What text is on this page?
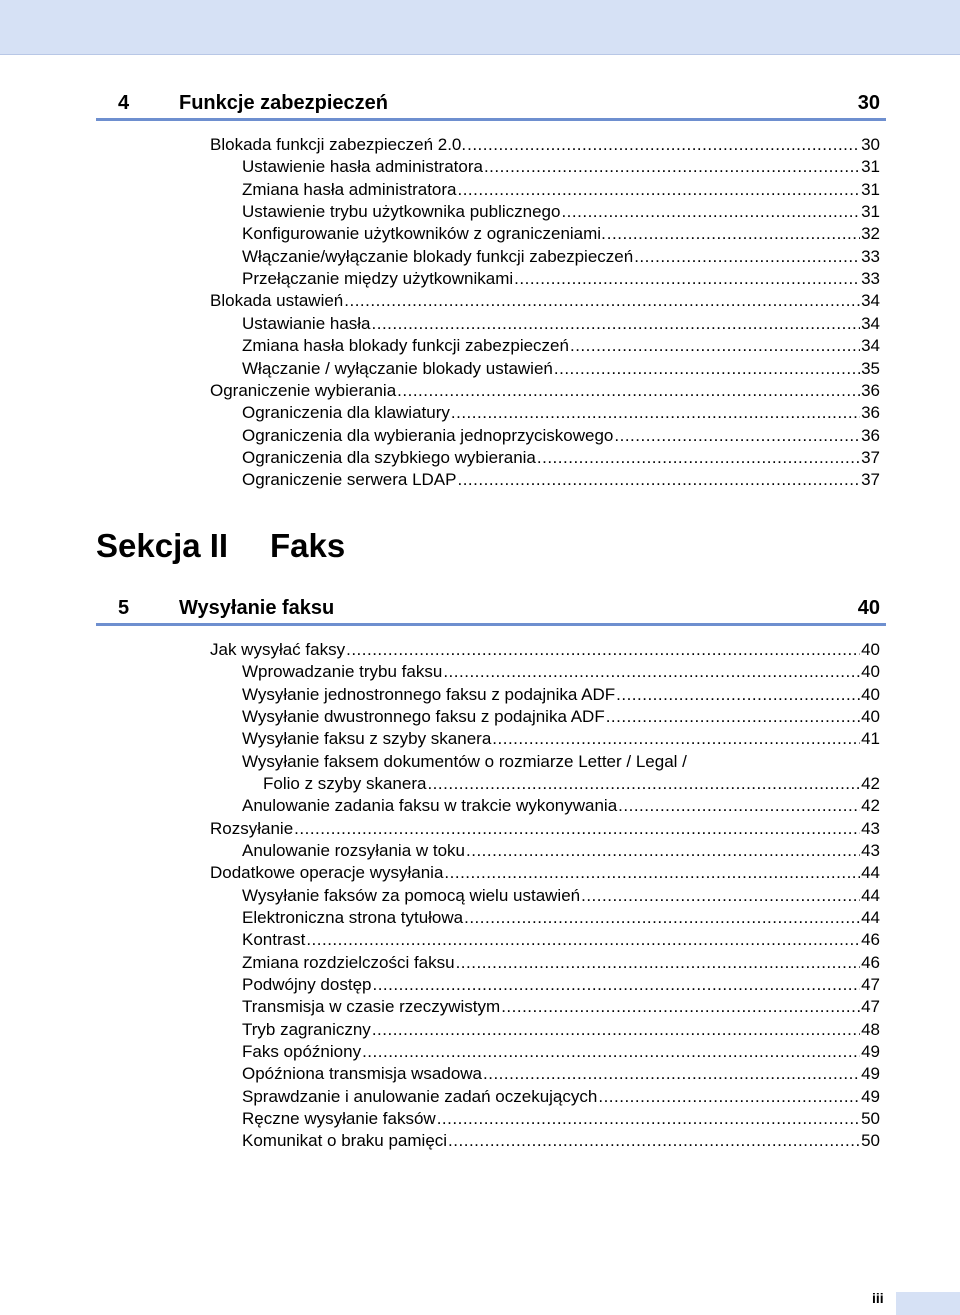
4 Funkcje zabezpieczeń	30
Blokada funkcji zabezpieczeń 2.0. .....	30
Ustawienie hasła administratora .....	31
Zmiana hasła administratora .....	31
Ustawienie trybu użytkownika publicznego .....	31
Konfigurowanie użytkowników z ograniczeniami. .....	32
Włączanie/wyłączanie blokady funkcji zabezpieczeń .....	33
Przełączanie między użytkownikami .....	33
Blokada ustawień .....	34
Ustawianie hasła .....	34
Zmiana hasła blokady funkcji zabezpieczeń .....	34
Włączanie / wyłączanie blokady ustawień .....	35
Ograniczenie wybierania .....	36
Ograniczenia dla klawiatury .....	36
Ograniczenia dla wybierania jednoprzyciskowego .....	36
Ograniczenia dla szybkiego wybierania .....	37
Ograniczenie serwera LDAP .....	37
Sekcja II Faks
5 Wysyłanie faksu	40
Jak wysyłać faksy .....	40
Wprowadzanie trybu faksu .....	40
Wysyłanie jednostronnego faksu z podajnika ADF .....	40
Wysyłanie dwustronnego faksu z podajnika ADF .....	40
Wysyłanie faksu z szyby skanera .....	41
Wysyłanie faksem dokumentów o rozmiarze Letter / Legal /
Folio z szyby skanera .....	42
Anulowanie zadania faksu w trakcie wykonywania .....	42
Rozsyłanie .....	43
Anulowanie rozsyłania w toku .....	43
Dodatkowe operacje wysyłania .....	44
Wysyłanie faksów za pomocą wielu ustawień .....	44
Elektroniczna strona tytułowa .....	44
Kontrast .....	46
Zmiana rozdzielczości faksu .....	46
Podwójny dostęp .....	47
Transmisja w czasie rzeczywistym .....	47
Tryb zagraniczny .....	48
Faks opóźniony .....	49
Opóźniona transmisja wsadowa .....	49
Sprawdzanie i anulowanie zadań oczekujących .....	49
Ręczne wysyłanie faksów .....	50
Komunikat o braku pamięci .....	50
iii
